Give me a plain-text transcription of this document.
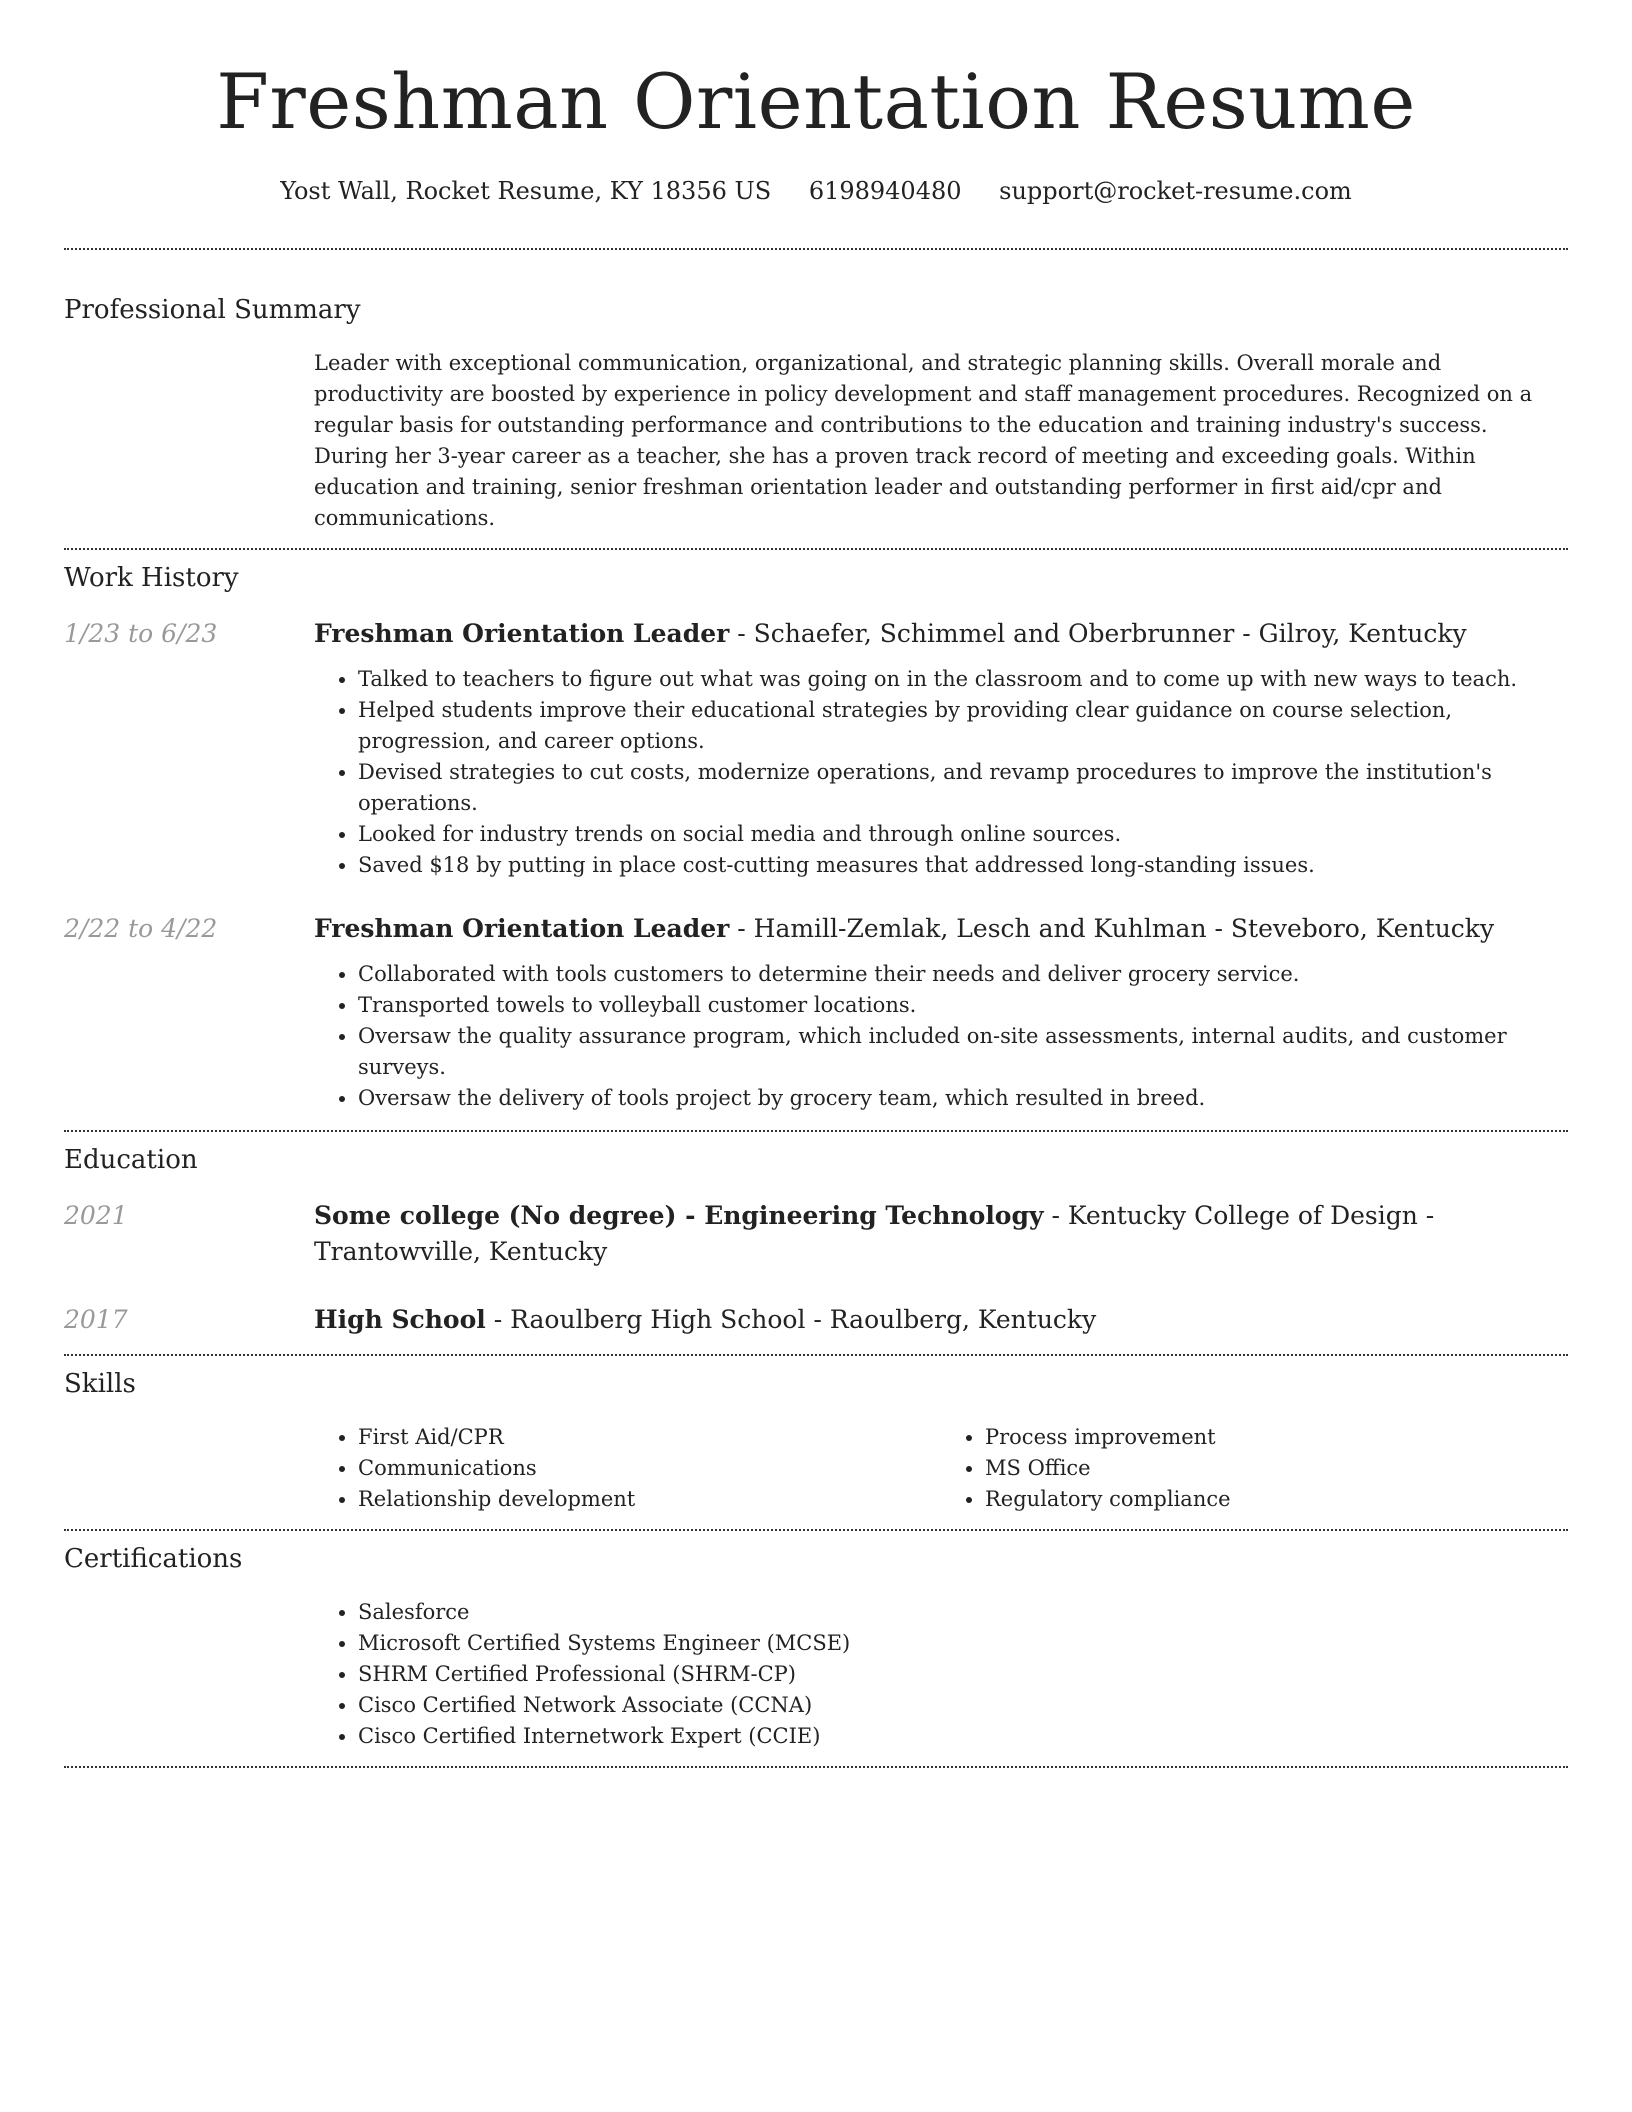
Freshman Orientation Resume
Yost Wall, Rocket Resume, KY 18356 US 6198940480 support@rocket-resume.com
Professional Summary

Leader with exceptional communication, organizational, and strategic planning skills. Overall morale and productivity are boosted by experience in policy development and staff management procedures. Recognized on a regular basis for outstanding performance and contributions to the education and training industry's success. During her 3-year career as a teacher, she has a proven track record of meeting and exceeding goals. Within education and training, senior freshman orientation leader and outstanding performer in first aid/cpr and communications.

Work History
1/23 to 6/23	Freshman Orientation Leader - Schaefer, Schimmel and Oberbrunner - Gilroy, Kentucky

• Talked to teachers to figure out what was going on in the classroom and to come up with new ways to teach.
• Helped students improve their educational strategies by providing clear guidance on course selection, progression, and career options.
• Devised strategies to cut costs, modernize operations, and revamp procedures to improve the institution's operations.
• Looked for industry trends on social media and through online sources.
• Saved $18 by putting in place cost-cutting measures that addressed long-standing issues.
2/22 to 4/22	Freshman Orientation Leader - Hamill-Zemlak, Lesch and Kuhlman - Steveboro, Kentucky

• Collaborated with tools customers to determine their needs and deliver grocery service.
• Transported towels to volleyball customer locations.
• Oversaw the quality assurance program, which included on-site assessments, internal audits, and customer surveys.
• Oversaw the delivery of tools project by grocery team, which resulted in breed.
Education
2021	Some college (No degree) - Engineering Technology - Kentucky College of Design - Trantowville, Kentucky

2017	High School - Raoulberg High School - Raoulberg, Kentucky

Skills
• First Aid/CPR
• Communications
• Relationship development
• Process improvement
• MS Office
• Regulatory compliance
Certifications
• Salesforce
• Microsoft Certified Systems Engineer (MCSE)
• SHRM Certified Professional (SHRM-CP)
• Cisco Certified Network Associate (CCNA)
• Cisco Certified Internetwork Expert (CCIE)
